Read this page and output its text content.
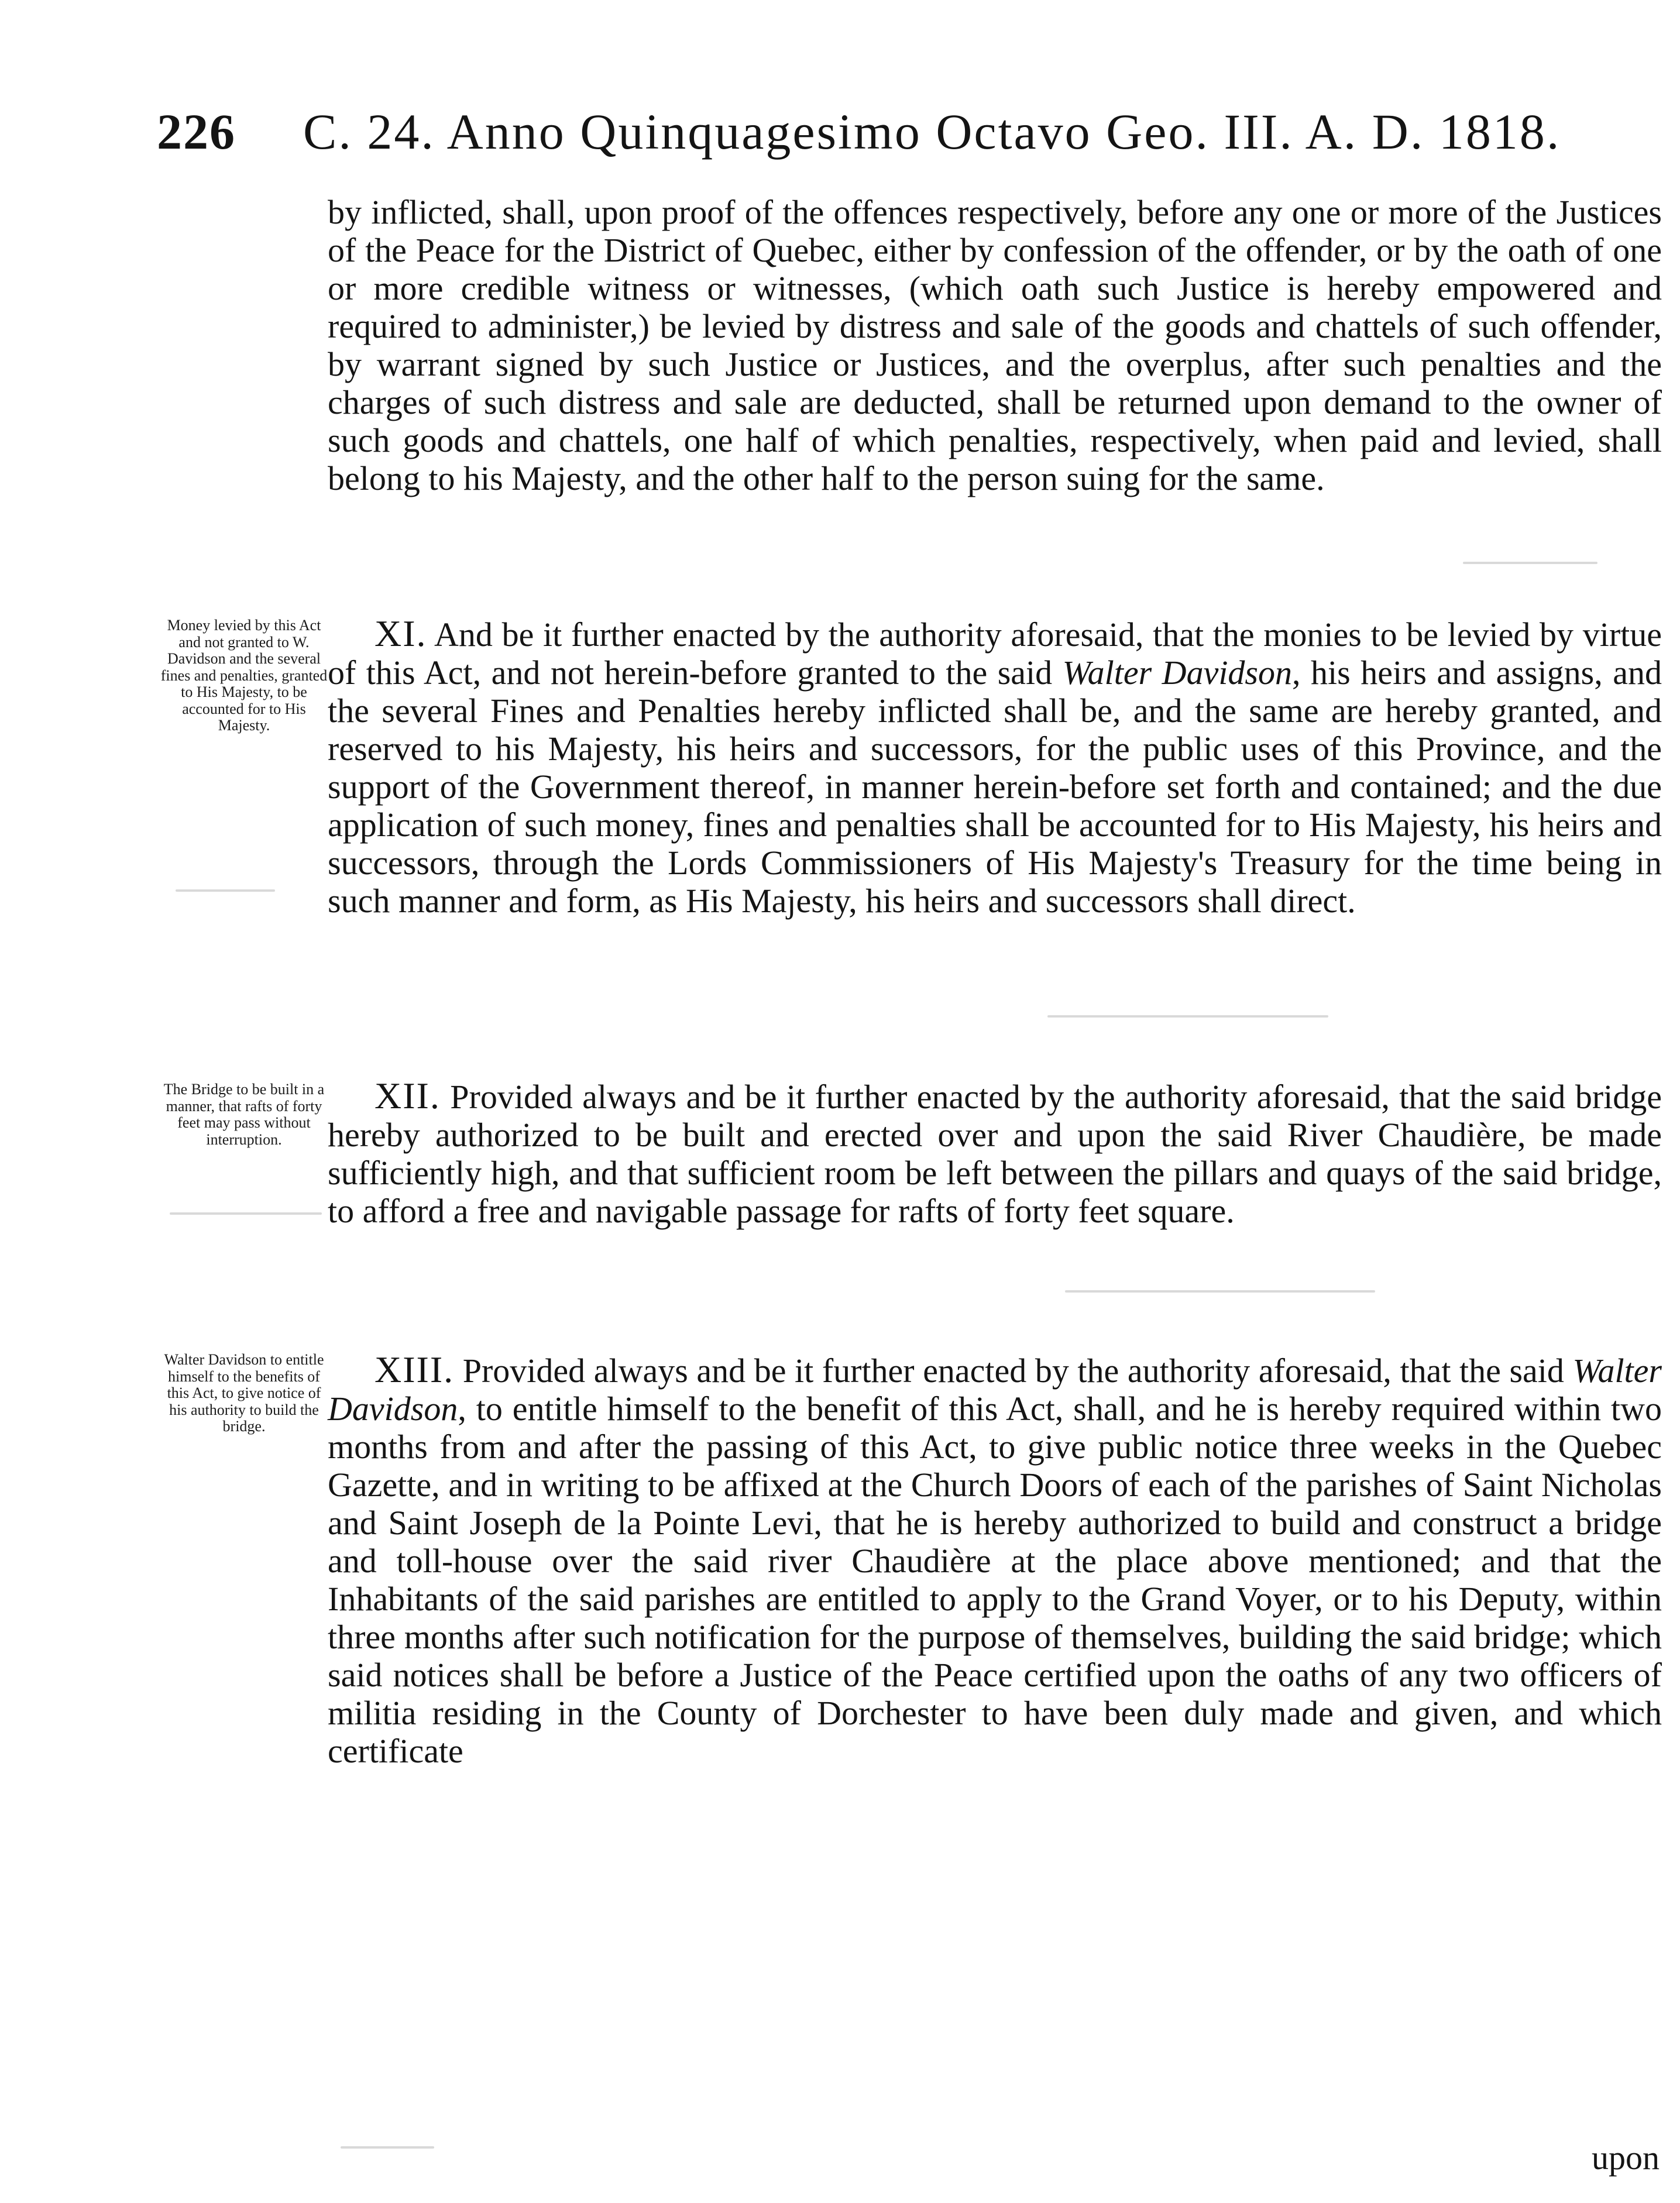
226 C. 24. Anno Quinquagesimo Octavo Geo. III. A. D. 1818.

by inflicted, shall, upon proof of the offences respectively, before any one or more of the Justices of the Peace for the District of Quebec, either by confession of the offender, or by the oath of one or more credible witness or witnesses, (which oath such Justice is hereby empowered and required to administer,) be levied by distress and sale of the goods and chattels of such offender, by warrant signed by such Justice or Justices, and the overplus, after such penalties and the charges of such distress and sale are deducted, shall be returned upon demand to the owner of such goods and chattels, one half of which penalties, respectively, when paid and levied, shall belong to his Majesty, and the other half to the person suing for the same.

Money levied by this Act and not granted to W. Davidson and the several fines and penalties, granted to His Majesty, to be accounted for to His Majesty.

XI. And be it further enacted by the authority aforesaid, that the monies to be levied by virtue of this Act, and not herein-before granted to the said Walter Davidson, his heirs and assigns, and the several Fines and Penalties hereby inflicted shall be, and the same are hereby granted, and reserved to his Majesty, his heirs and successors, for the public uses of this Province, and the support of the Government thereof, in manner herein-before set forth and contained; and the due application of such money, fines and penalties shall be accounted for to His Majesty, his heirs and successors, through the Lords Commissioners of His Majesty's Treasury for the time being in such manner and form, as His Majesty, his heirs and successors shall direct.

The Bridge to be built in a manner, that rafts of forty feet may pass without interruption.

XII. Provided always and be it further enacted by the authority aforesaid, that the said bridge hereby authorized to be built and erected over and upon the said River Chaudière, be made sufficiently high, and that sufficient room be left between the pillars and quays of the said bridge, to afford a free and navigable passage for rafts of forty feet square.

Walter Davidson to entitle himself to the benefits of this Act, to give notice of his authority to build the bridge.

XIII. Provided always and be it further enacted by the authority aforesaid, that the said Walter Davidson, to entitle himself to the benefit of this Act, shall, and he is hereby required within two months from and after the passing of this Act, to give public notice three weeks in the Quebec Gazette, and in writing to be affixed at the Church Doors of each of the parishes of Saint Nicholas and Saint Joseph de la Pointe Levi, that he is hereby authorized to build and construct a bridge and toll-house over the said river Chaudière at the place above mentioned; and that the Inhabitants of the said parishes are entitled to apply to the Grand Voyer, or to his Deputy, within three months after such notification for the purpose of themselves, building the said bridge; which said notices shall be before a Justice of the Peace certified upon the oaths of any two officers of militia residing in the County of Dorchester to have been duly made and given, and which certificate

upon
